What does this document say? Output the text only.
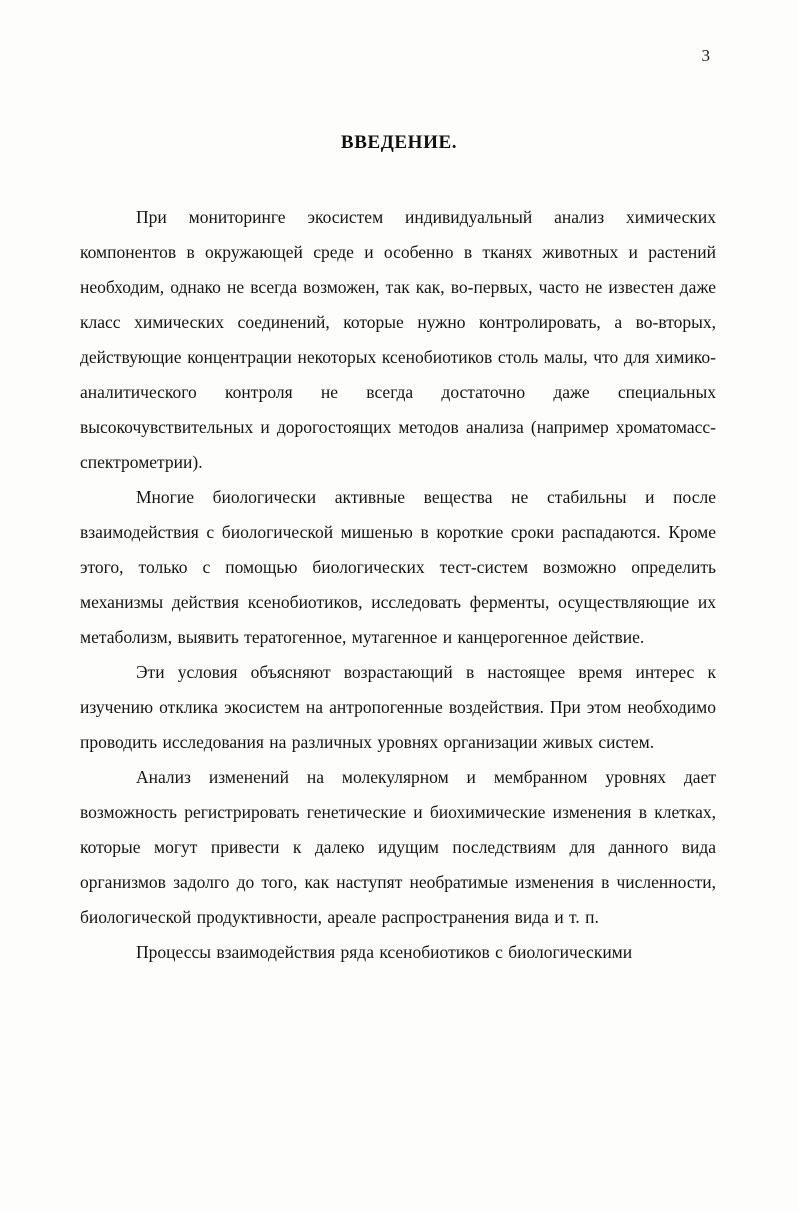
3
ВВЕДЕНИЕ.

При мониторинге экосистем индивидуальный анализ химических компонентов в окружающей среде и особенно в тканях животных и растений необходим, однако не всегда возможен, так как, во-первых, часто не известен даже класс химических соединений, которые нужно контролировать, а во-вторых, действующие концентрации некоторых ксенобиотиков столь малы, что для химико-аналитического контроля не всегда достаточно даже специальных высокочувствительных и дорогостоящих методов анализа (например хроматомасс-спектрометрии).

Многие биологически активные вещества не стабильны и после взаимодействия с биологической мишенью в короткие сроки распадаются. Кроме этого, только с помощью биологических тест-систем возможно определить механизмы действия ксенобиотиков, исследовать ферменты, осуществляющие их метаболизм, выявить тератогенное, мутагенное и канцерогенное действие.

Эти условия объясняют возрастающий в настоящее время интерес к изучению отклика экосистем на антропогенные воздействия. При этом необходимо проводить исследования на различных уровнях организации живых систем.

Анализ изменений на молекулярном и мембранном уровнях дает возможность регистрировать генетические и биохимические изменения в клетках, которые могут привести к далеко идущим последствиям для данного вида организмов задолго до того, как наступят необратимые изменения в численности, биологической продуктивности, ареале распространения вида и т. п.

Процессы взаимодействия ряда ксенобиотиков с биологическими
